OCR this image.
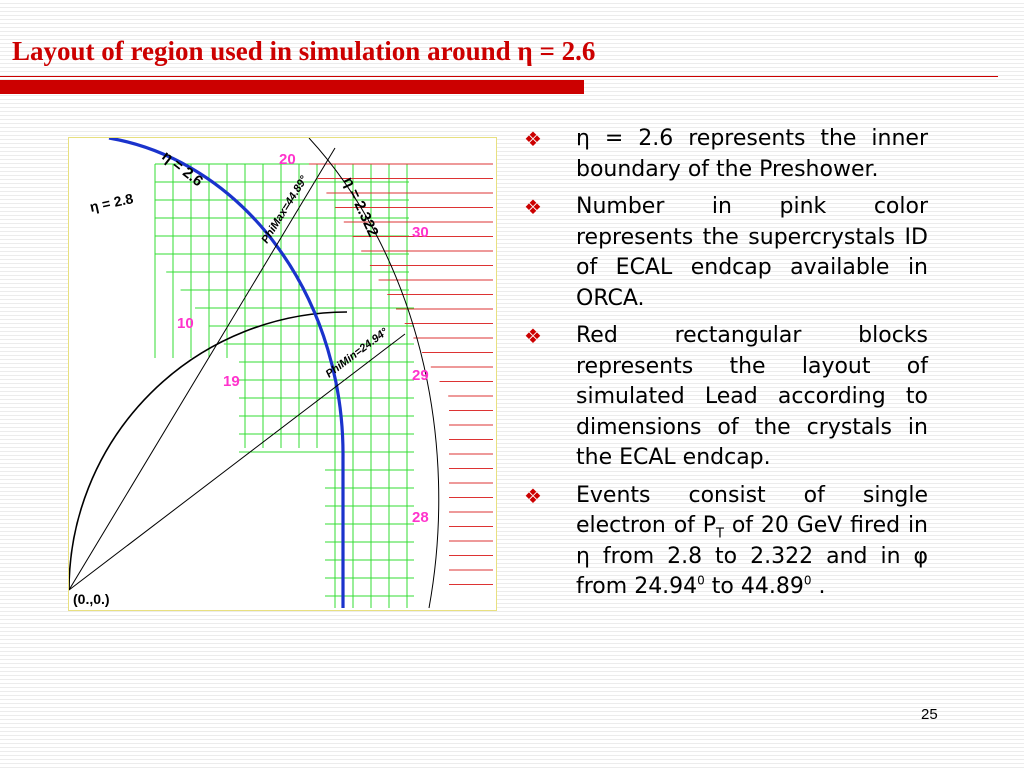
Layout of region used in simulation around η = 2.6
η = 2.6
η = 2.8	η = 2.322
PhiMax=44.89°
PhiMin=24.94°
(0.,0.)
20
30
10
19	29
28
❖ η = 2.6 represents the inner boundary of the Preshower.
❖ Number in pink color represents the supercrystals ID of ECAL endcap available in ORCA.
❖ Red rectangular blocks represents the layout of simulated Lead according to dimensions of the crystals in the ECAL endcap.
❖ Events consist of single electron of $P_T$ of 20 GeV fired in η from 2.8 to 2.322 and in φ from 24.94$^0$ to 44.89$^0$ .
25
